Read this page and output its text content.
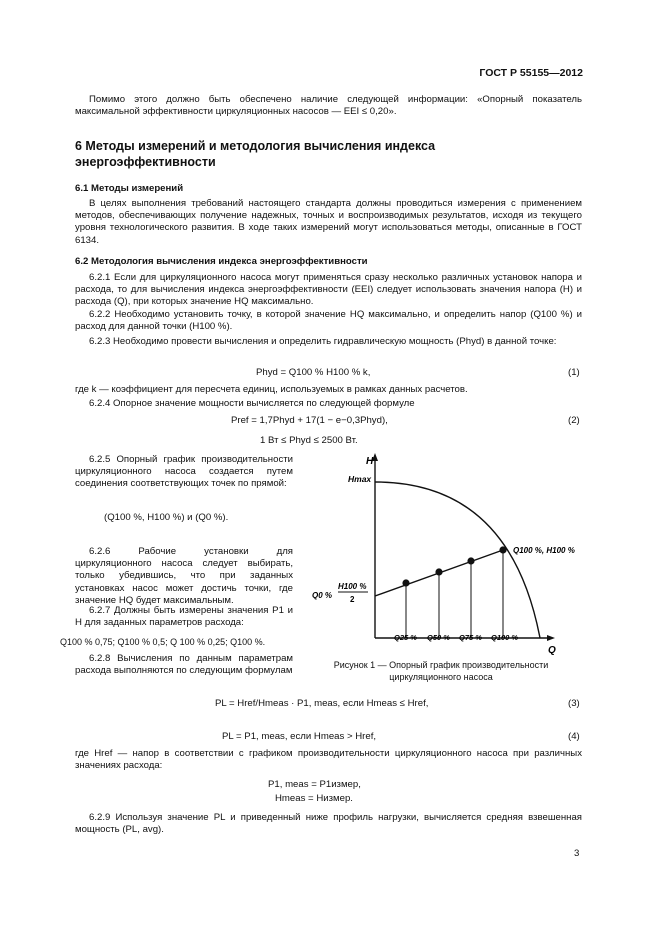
ГОСТ Р 55155—2012
Помимо этого должно быть обеспечено наличие следующей информации: «Опорный показатель максимальной эффективности циркуляционных насосов — EEI ≤ 0,20».
6 Методы измерений и методология вычисления индекса энергоэффективности
6.1 Методы измерений
В целях выполнения требований настоящего стандарта должны проводиться измерения с применением методов, обеспечивающих получение надежных, точных и воспроизводимых результатов, исходя из текущего уровня технологического развития. В ходе таких измерений могут использоваться методы, описанные в ГОСТ 6134.
6.2 Методология вычисления индекса энергоэффективности
6.2.1 Если для циркуляционного насоса могут применяться сразу несколько различных установок напора и расхода, то для вычисления индекса энергоэффективности (EEI) следует использовать значения напора (H) и расхода (Q), при которых значение HQ максимально.
6.2.2 Необходимо установить точку, в которой значение HQ максимально, и определить напор (Q100 %) и расход для данной точки (H100 %).
6.2.3 Необходимо провести вычисления и определить гидравлическую мощность (Phyd) в данной точке:
Phyd = Q100 % H100 % k,	(1)
где k — коэффициент для пересчета единиц, используемых в рамках данных расчетов.
6.2.4 Опорное значение мощности вычисляется по следующей формуле
Pref = 1,7Phyd + 17(1 − e−0,3Phyd),	(2)
1 Вт ≤ Phyd ≤ 2500 Вт.
6.2.5 Опорный график производительности циркуляционного насоса создается путем соединения соответствующих точек по прямой:
(Q100 %, H100 %) и (Q0 %).
6.2.6 Рабочие установки для циркуляционного насоса следует выбирать, только убедившись, что при заданных установках насос может достичь точки, где значение HQ будет максимальным.
6.2.7 Должны быть измерены значения P1 и H для заданных параметров расхода:
Q100 % 0,75; Q100 % 0,5; Q 100 % 0,25; Q100 %.
6.2.8 Вычисления по данным параметрам расхода выполняются по следующим формулам
H
Q
Hmax
Q0 %
H100 %
2
Q100 %, H100 %
Q25 % Q50 % Q75 % Q100 %
Рисунок 1 — Опорный график производительности циркуляционного насоса
PL = Href/Hmeas · P1, meas, если Hmeas ≤ Href,	(3)
PL = P1, meas, если Hmeas > Href,	(4)
где Href — напор в соответствии с графиком производительности циркуляционного насоса при различных значениях расхода:
P1, meas = P1измер,
Hmeas = Hизмер.
6.2.9 Используя значение PL и приведенный ниже профиль нагрузки, вычисляется средняя взвешенная мощность (PL, avg).
3
